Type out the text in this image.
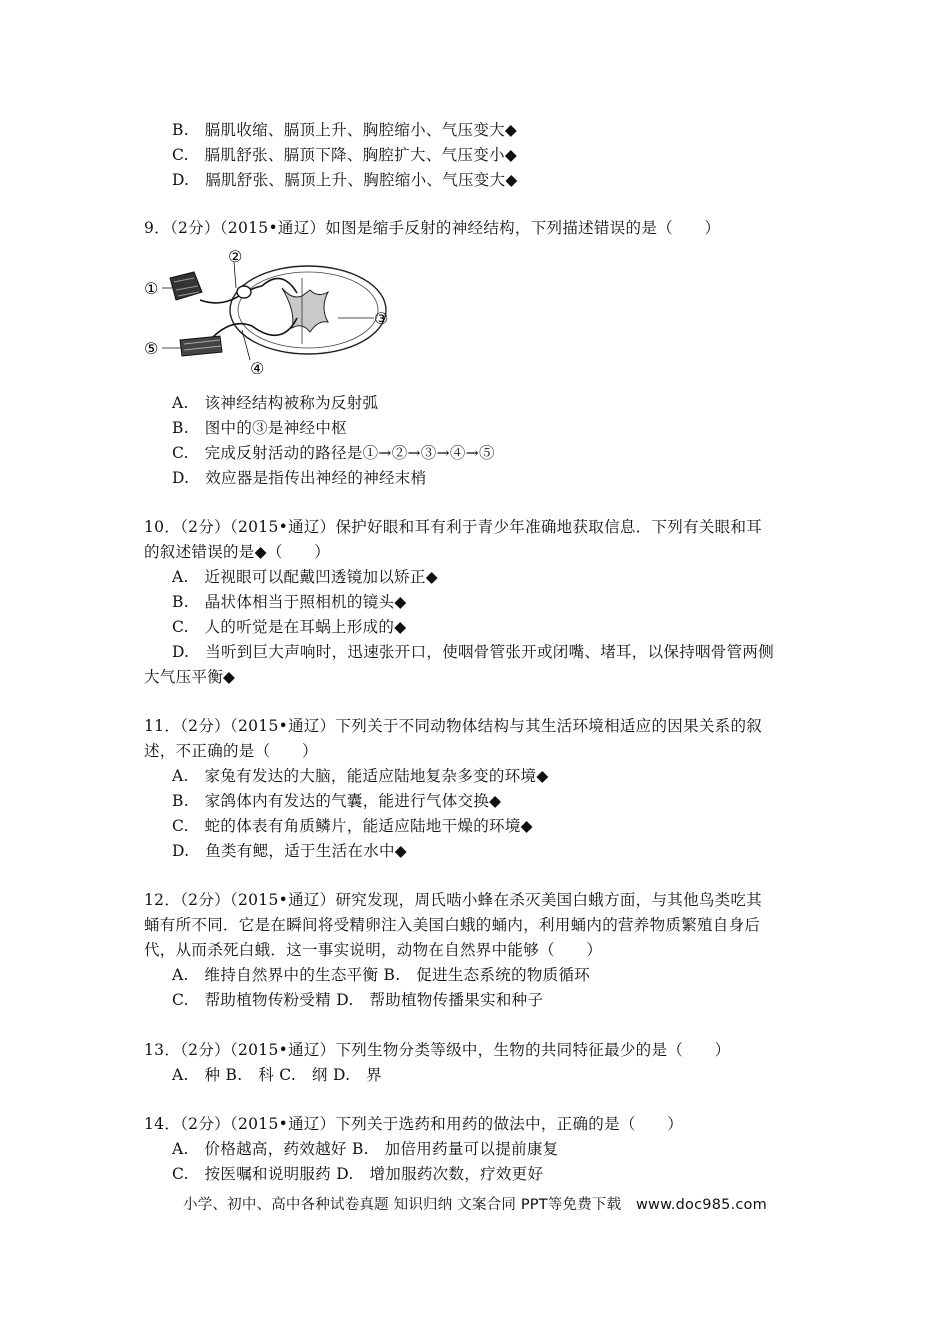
B.　膈肌收缩、膈顶上升、胸腔缩小、气压变大◆
C.　膈肌舒张、膈顶下降、胸腔扩大、气压变小◆
D.　膈肌舒张、膈顶上升、胸腔缩小、气压变大◆
9．（2分）（2015•通辽）如图是缩手反射的神经结构，下列描述错误的是（　　）
①
②
③
④
⑤
A.　该神经结构被称为反射弧
B.　图中的③是神经中枢
C.　完成反射活动的路径是①→②→③→④→⑤
D.　效应器是指传出神经的神经末梢
10．（2分）（2015•通辽）保护好眼和耳有利于青少年准确地获取信息．下列有关眼和耳
的叙述错误的是◆（　　）
A.　近视眼可以配戴凹透镜加以矫正◆
B.　晶状体相当于照相机的镜头◆
C.　人的听觉是在耳蜗上形成的◆
D.　当听到巨大声响时，迅速张开口，使咽骨管张开或闭嘴、堵耳，以保持咽骨管两侧
大气压平衡◆
11．（2分）（2015•通辽）下列关于不同动物体结构与其生活环境相适应的因果关系的叙
述，不正确的是（　　）
A.　家兔有发达的大脑，能适应陆地复杂多变的环境◆
B.　家鸽体内有发达的气囊，能进行气体交换◆
C.　蛇的体表有角质鳞片，能适应陆地干燥的环境◆
D.　鱼类有鳃，适于生活在水中◆
12．（2分）（2015•通辽）研究发现，周氏啮小蜂在杀灭美国白蛾方面，与其他鸟类吃其
蛹有所不同．它是在瞬间将受精卵注入美国白蛾的蛹内，利用蛹内的营养物质繁殖自身后
代，从而杀死白蛾．这一事实说明，动物在自然界中能够（　　）
A.　维持自然界中的生态平衡 B.　促进生态系统的物质循环
C.　帮助植物传粉受精 D.　帮助植物传播果实和种子
13．（2分）（2015•通辽）下列生物分类等级中，生物的共同特征最少的是（　　）
A.　种 B.　科 C.　纲 D.　界
14．（2分）（2015•通辽）下列关于选药和用药的做法中，正确的是（　　）
A.　价格越高，药效越好 B.　加倍用药量可以提前康复
C.　按医嘱和说明服药 D.　增加服药次数，疗效更好
小学、初中、高中各种试卷真题 知识归纳 文案合同 PPT等免费下载　www.doc985.com
